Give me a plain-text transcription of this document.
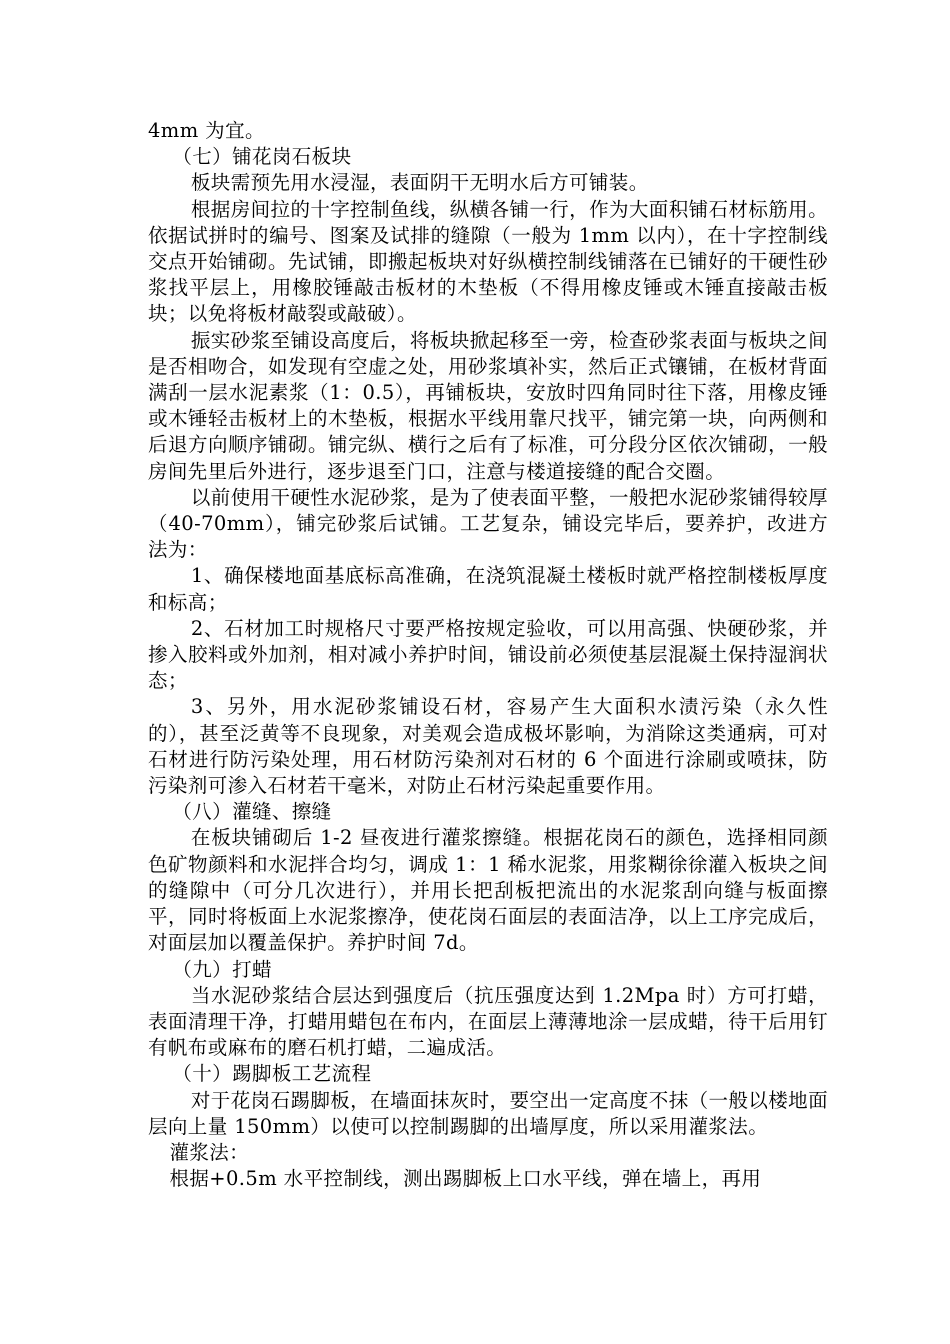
4mm 为宜。

（七）铺花岗石板块

板块需预先用水浸湿，表面阴干无明水后方可铺装。

根据房间拉的十字控制鱼线，纵横各铺一行，作为大面积铺石材标筋用。依据试拼时的编号、图案及试排的缝隙（一般为 1mm 以内），在十字控制线交点开始铺砌。先试铺，即搬起板块对好纵横控制线铺落在已铺好的干硬性砂浆找平层上，用橡胶锤敲击板材的木垫板（不得用橡皮锤或木锤直接敲击板块；以免将板材敲裂或敲破）。

振实砂浆至铺设高度后，将板块掀起移至一旁，检查砂浆表面与板块之间是否相吻合，如发现有空虚之处，用砂浆填补实，然后正式镶铺，在板材背面满刮一层水泥素浆（1：0.5），再铺板块，安放时四角同时往下落，用橡皮锤或木锤轻击板材上的木垫板，根据水平线用靠尺找平，铺完第一块，向两侧和后退方向顺序铺砌。铺完纵、横行之后有了标准，可分段分区依次铺砌，一般房间先里后外进行，逐步退至门口，注意与楼道接缝的配合交圈。

以前使用干硬性水泥砂浆，是为了使表面平整，一般把水泥砂浆铺得较厚（40-70mm），铺完砂浆后试铺。工艺复杂，铺设完毕后，要养护，改进方法为：

1、确保楼地面基底标高准确，在浇筑混凝土楼板时就严格控制楼板厚度和标高；

2、石材加工时规格尺寸要严格按规定验收，可以用高强、快硬砂浆，并掺入胶料或外加剂，相对减小养护时间，铺设前必须使基层混凝土保持湿润状态；

3、另外，用水泥砂浆铺设石材，容易产生大面积水渍污染（永久性的），甚至泛黄等不良现象，对美观会造成极坏影响，为消除这类通病，可对石材进行防污染处理，用石材防污染剂对石材的 6 个面进行涂刷或喷抹，防污染剂可渗入石材若干毫米，对防止石材污染起重要作用。

（八）灌缝、擦缝

在板块铺砌后 1-2 昼夜进行灌浆擦缝。根据花岗石的颜色，选择相同颜色矿物颜料和水泥拌合均匀，调成 1：1 稀水泥浆，用浆糊徐徐灌入板块之间的缝隙中（可分几次进行），并用长把刮板把流出的水泥浆刮向缝与板面擦平，同时将板面上水泥浆擦净，使花岗石面层的表面洁净，以上工序完成后，对面层加以覆盖保护。养护时间 7d。

（九）打蜡

当水泥砂浆结合层达到强度后（抗压强度达到 1.2Mpa 时）方可打蜡，表面清理干净，打蜡用蜡包在布内，在面层上薄薄地涂一层成蜡，待干后用钉有帆布或麻布的磨石机打蜡，二遍成活。

（十）踢脚板工艺流程

对于花岗石踢脚板，在墙面抹灰时，要空出一定高度不抹（一般以楼地面层向上量 150mm）以使可以控制踢脚的出墙厚度，所以采用灌浆法。

灌浆法：

根据+0.5m 水平控制线，测出踢脚板上口水平线，弹在墙上，再用
